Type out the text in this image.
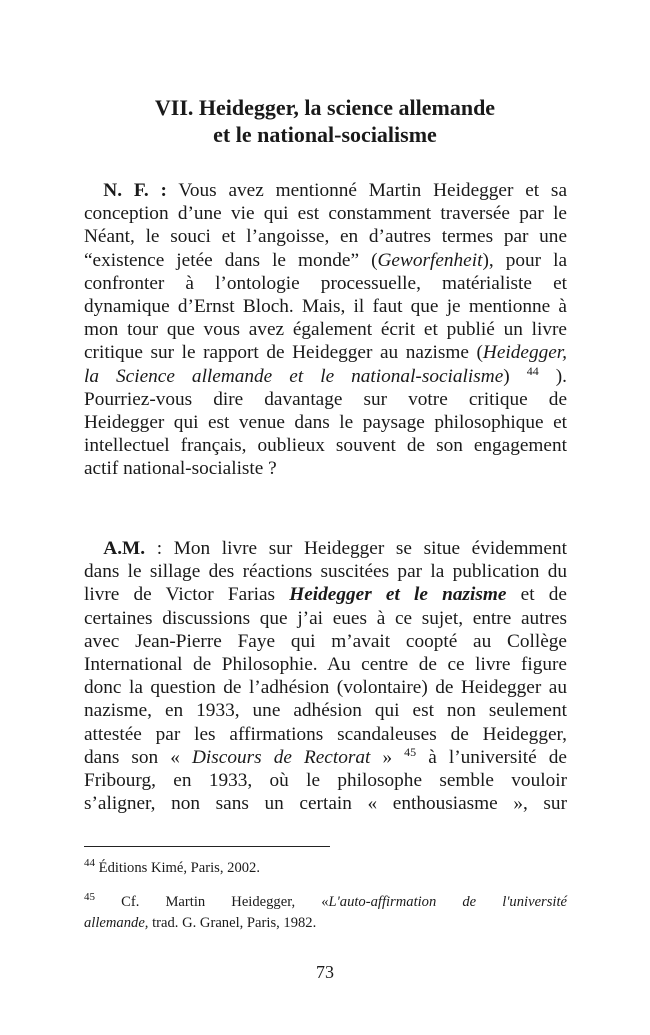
VII. Heidegger, la science allemande
et le national-socialisme
 N. F. : Vous avez mentionné Martin Heidegger et sa
conception d’une vie qui est constamment traversée par le
Néant, le souci et l’angoisse, en d’autres termes par une
“existence jetée dans le monde” (Geworfenheit), pour la
confronter à l’ontologie processuelle, matérialiste et
dynamique d’Ernst Bloch. Mais, il faut que je mentionne à
mon tour que vous avez également écrit et publié un livre
critique sur le rapport de Heidegger au nazisme (Heidegger,
la Science allemande et le national-socialisme) $^{44}$ ).
Pourriez-vous dire davantage sur votre critique de
Heidegger qui est venue dans le paysage philosophique et
intellectuel français, oublieux souvent de son engagement
actif national-socialiste ?
 A.M. : Mon livre sur Heidegger se situe évidemment
dans le sillage des réactions suscitées par la publication du
livre de Victor Farias Heidegger et le nazisme et de
certaines discussions que j’ai eues à ce sujet, entre autres
avec Jean-Pierre Faye qui m’avait coopté au Collège
International de Philosophie. Au centre de ce livre figure
donc la question de l’adhésion (volontaire) de Heidegger au
nazisme, en 1933, une adhésion qui est non seulement
attestée par les affirmations scandaleuses de Heidegger,
dans son « Discours de Rectorat » $^{45}$ à l’université de
Fribourg, en 1933, où le philosophe semble vouloir
s’aligner, non sans un certain « enthousiasme », sur
$^{44}$ Éditions Kimé, Paris, 2002.
$^{45}$ Cf. Martin Heidegger, «L'auto-affirmation de l'université
allemande, trad. G. Granel, Paris, 1982.
73
